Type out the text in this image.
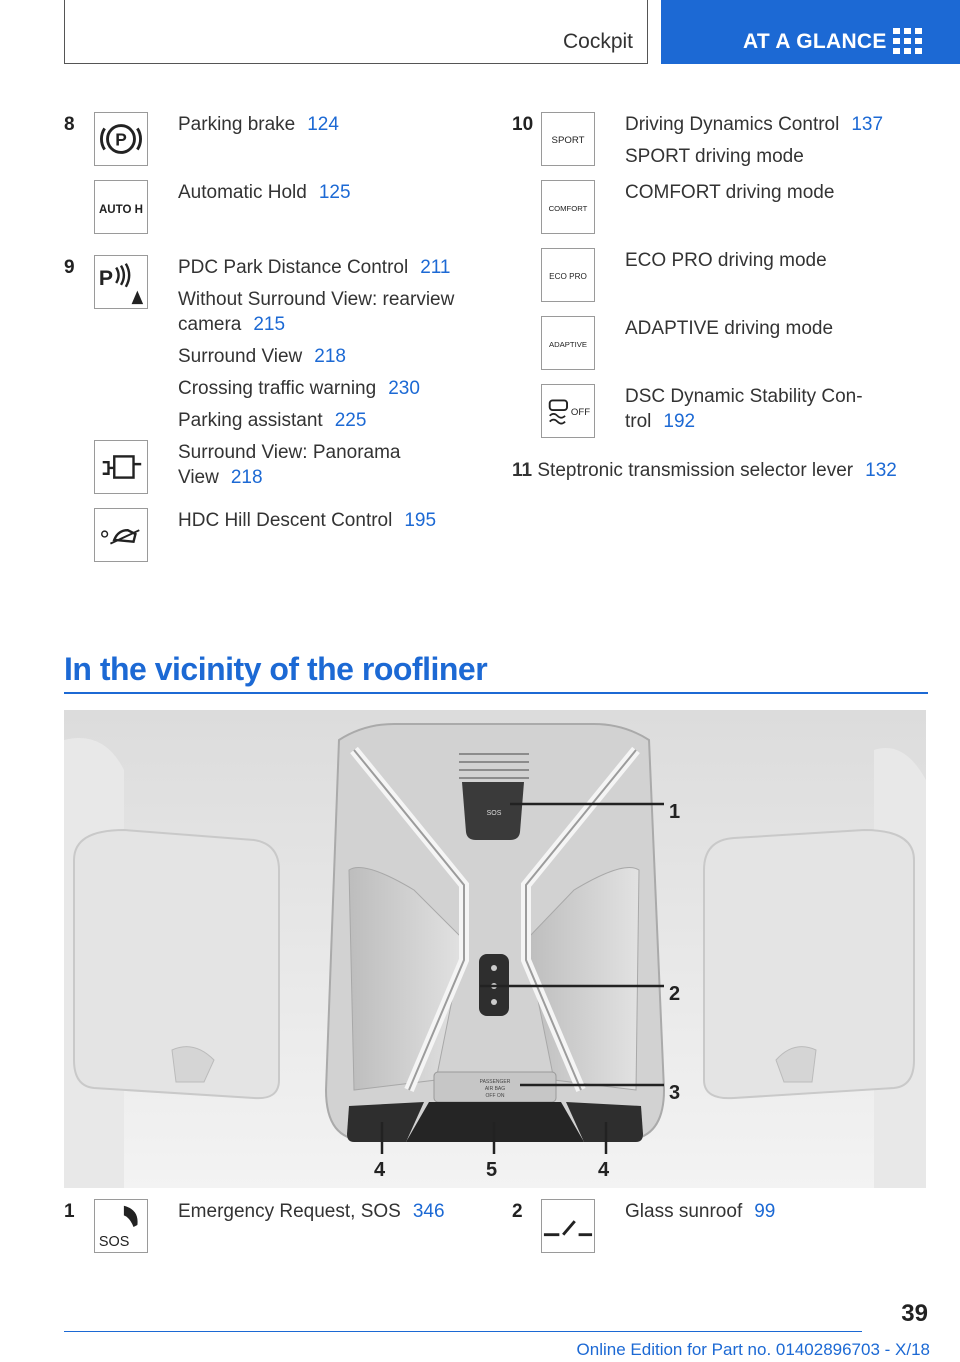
Cockpit	AT A GLANCE
8
P
Parking brake 124
AUTO H
Automatic Hold 125
9 P	PDC Park Distance Control 211
Without Surround View: rearview
camera 215
Surround View 218
Crossing traffic warning 230
Parking assistant 225
Surround View: Panorama
View 218
HDC Hill Descent Control 195
10
SPORT
Driving Dynamics Control 137
SPORT driving mode
COMFORT
COMFORT driving mode
ECO PRO
ECO PRO driving mode
ADAPTIVE
ADAPTIVE driving mode
OFF
DSC Dynamic Stability Con-
trol 192
11 Steptronic transmission selector lever 132
In the vicinity of the roofliner
SOS
PASSENGER
AIR BAG
OFF ON
1
2
3
4	5	4
1
SOS
Emergency Request, SOS 346	2	Glass sunroof 99
39
Online Edition for Part no. 01402896703 - X/18
